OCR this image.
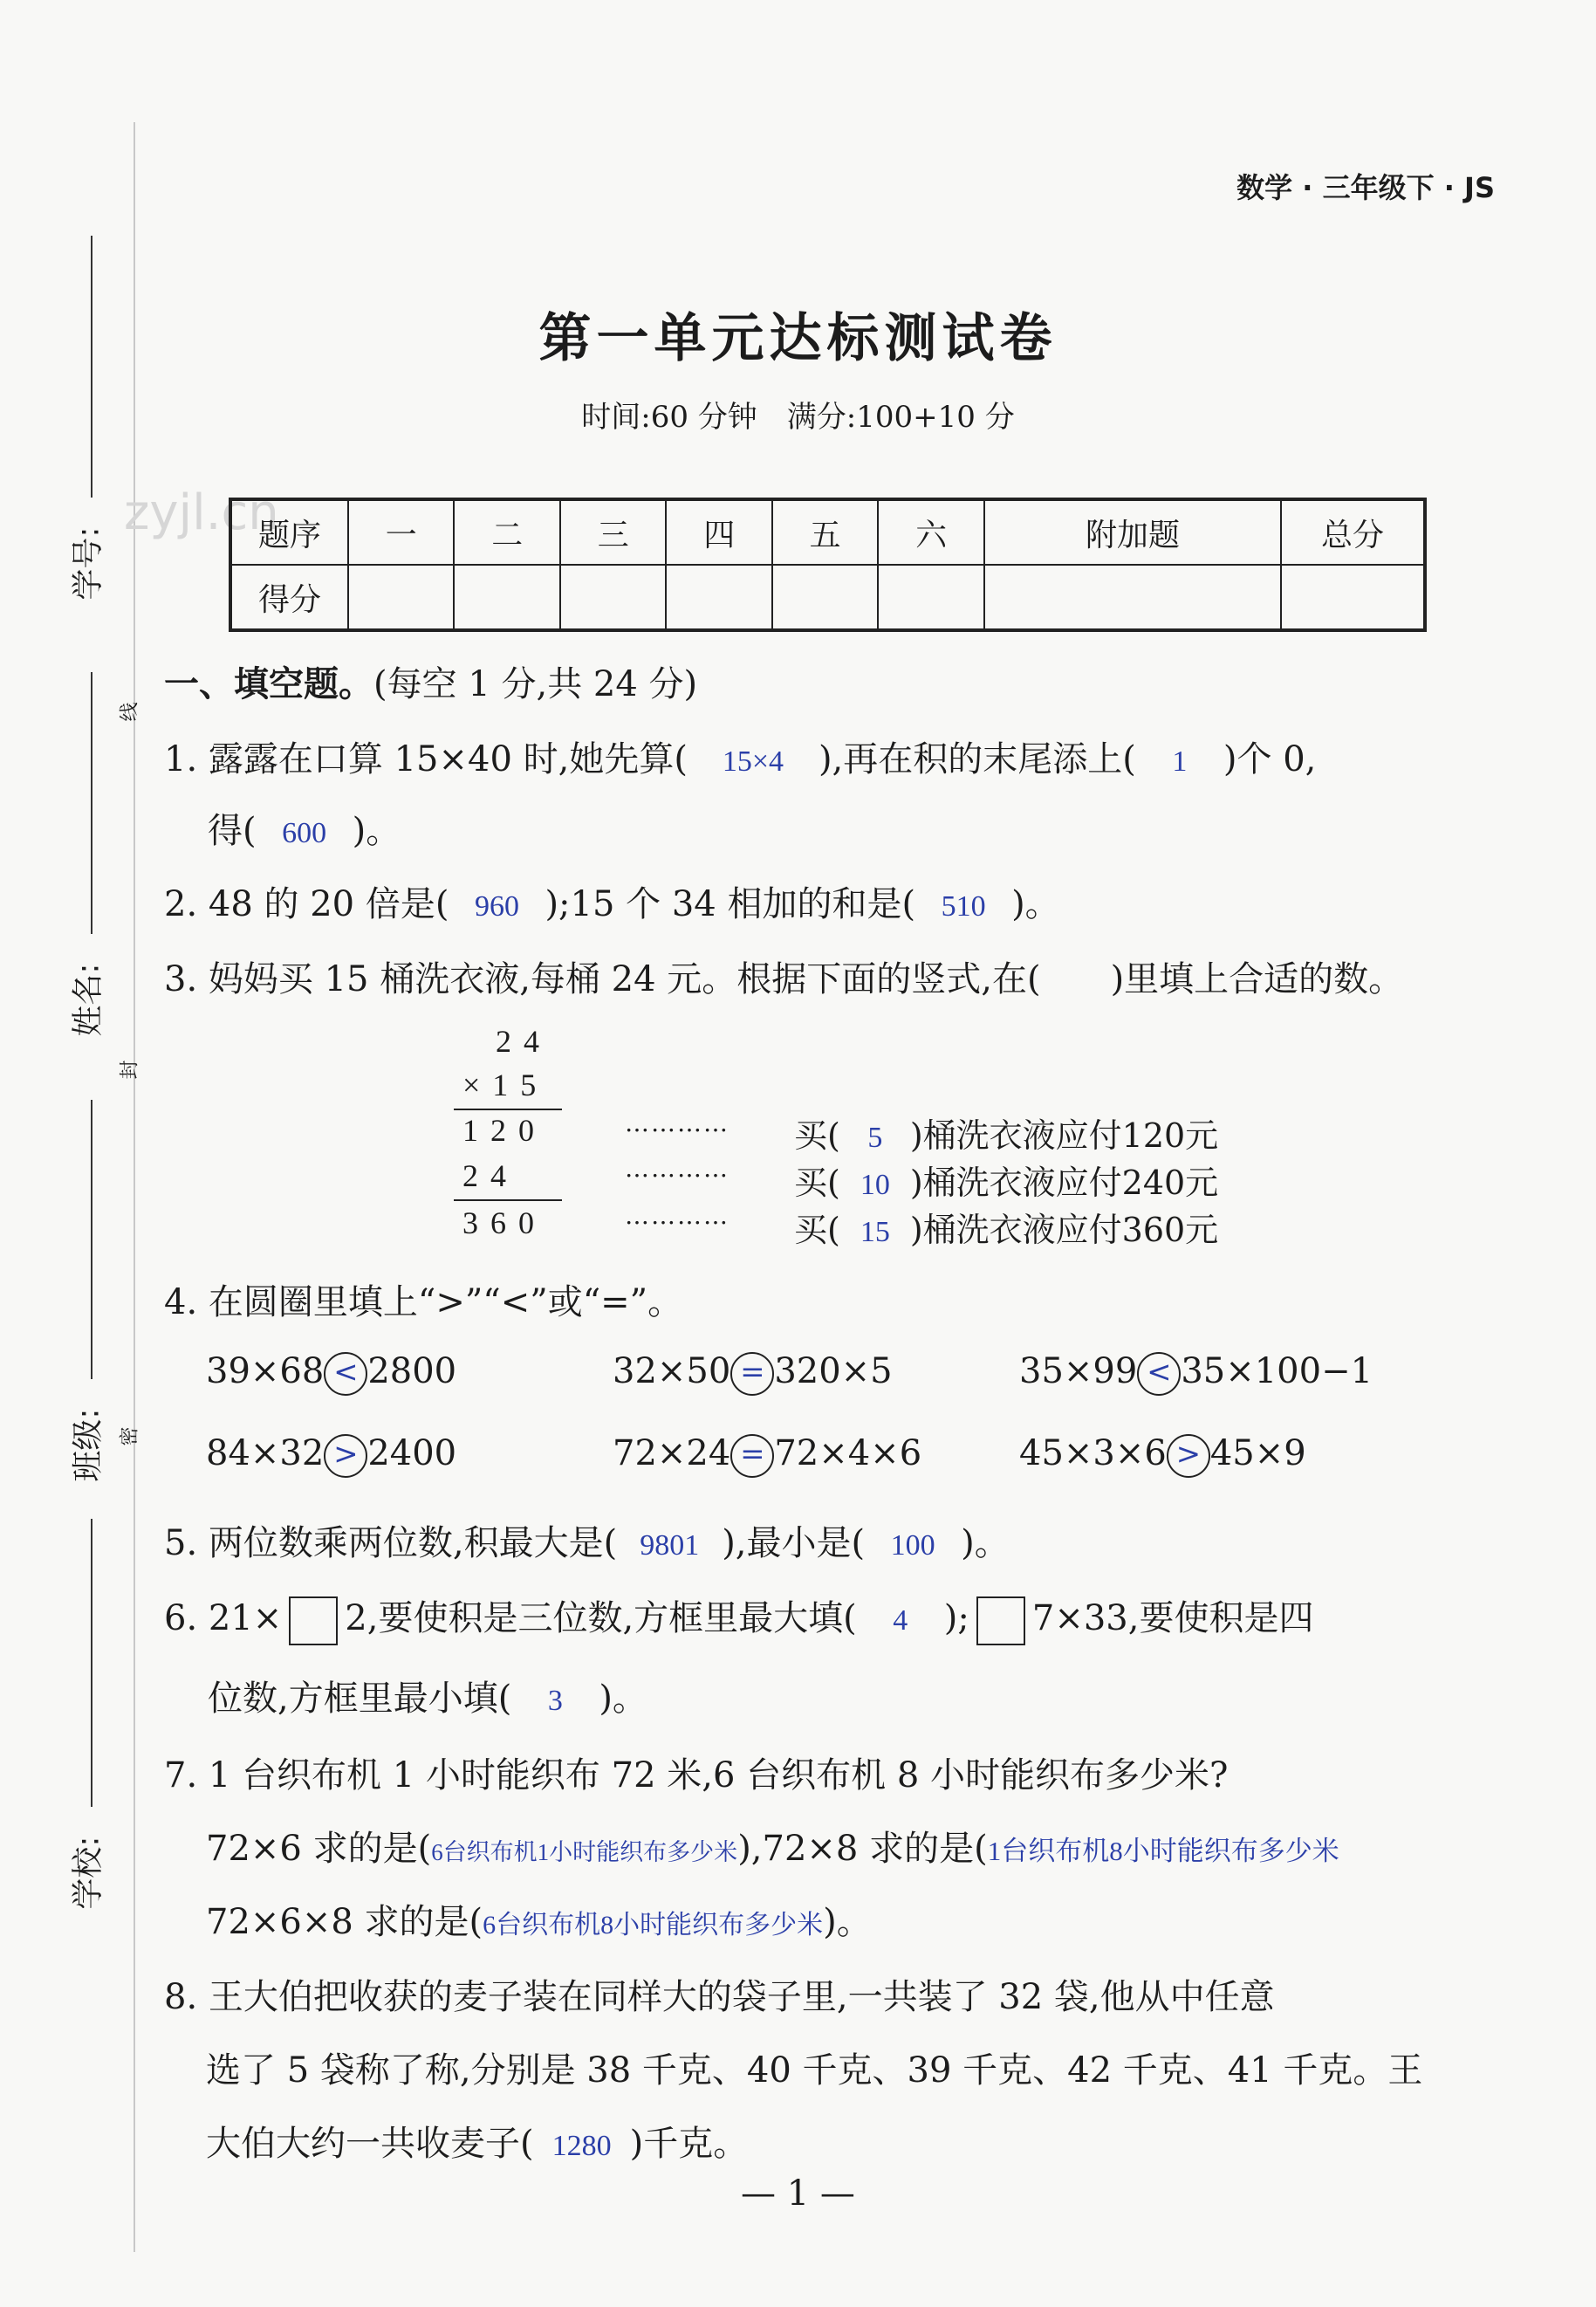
学号:
线
姓名:
封
班级: 密
学校:
数学 · 三年级下 · JS
第一单元达标测试卷
时间:60 分钟　满分:100+10 分
zyjl.cn
题序	一	二	三	四	五	六	附加题	总分
得分								
一、填空题。(每空 1 分,共 24 分)
1. 露露在口算 15×40 时,她先算( 15×4 ),再在积的末尾添上( 1 )个 0,
得( 600 )。
2. 48 的 20 倍是( 960 );15 个 34 相加的和是( 510 )。
3. 妈妈买 15 桶洗衣液,每桶 24 元。根据下面的竖式,在(　　)里填上合适的数。
24
×15
120
24
360
…………
…………
…………
买( 5 )桶洗衣液应付120元
买( 10 )桶洗衣液应付240元
买( 15 )桶洗衣液应付360元
4. 在圆圈里填上“>”“<”或“=”。
39×68 < 2800	32×50 = 320×5	35×99 < 35×100−1
84×32 > 2400	72×24 = 72×4×6	45×3×6 > 45×9
5. 两位数乘两位数,积最大是( 9801 ),最小是( 100 )。
6. 21× 2,要使积是三位数,方框里最大填( 4 ); 7×33,要使积是四
位数,方框里最小填( 3 )。
7. 1 台织布机 1 小时能织布 72 米,6 台织布机 8 小时能织布多少米?
72×6 求的是(6台织布机1小时能织布多少米),72×8 求的是(1台织布机8小时能织布多少米
72×6×8 求的是(6台织布机8小时能织布多少米)。
8. 王大伯把收获的麦子装在同样大的袋子里,一共装了 32 袋,他从中任意
选了 5 袋称了称,分别是 38 千克、40 千克、39 千克、42 千克、41 千克。王
大伯大约一共收麦子( 1280 )千克。
— 1 —
